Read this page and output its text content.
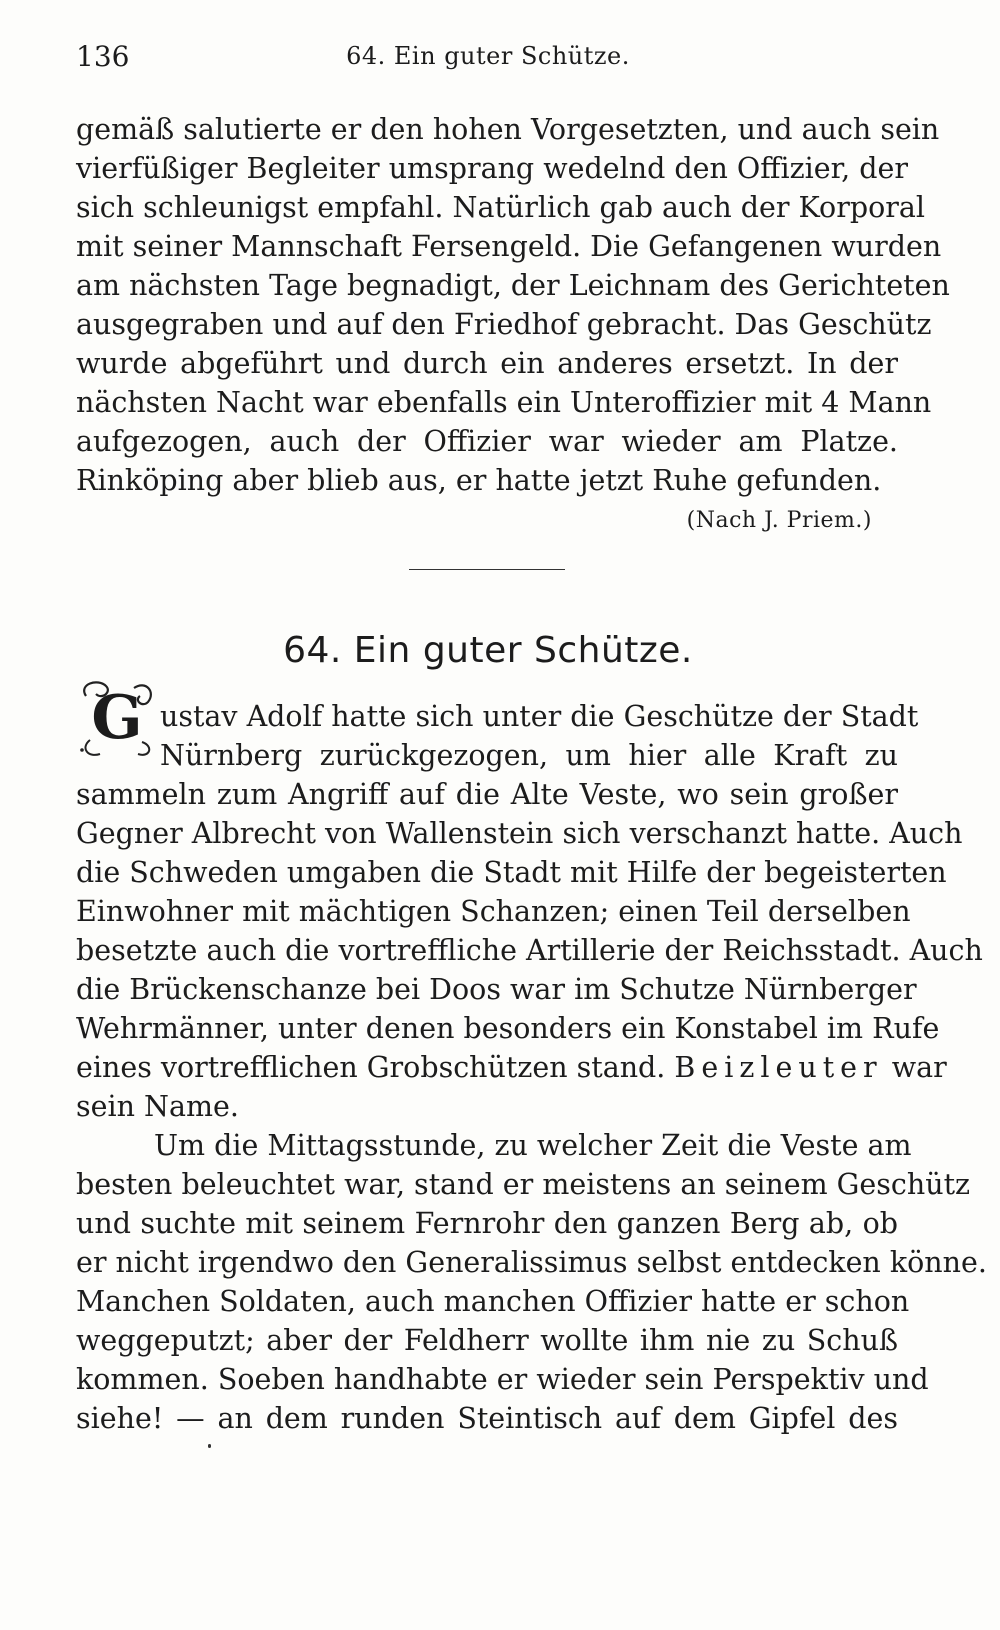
136	64. Ein guter Schütze.
gemäß salutierte er den hohen Vorgesetzten, und auch sein
vierfüßiger Begleiter umsprang wedelnd den Offizier, der
sich schleunigst empfahl. Natürlich gab auch der Korporal
mit seiner Mannschaft Fersengeld. Die Gefangenen wurden
am nächsten Tage begnadigt, der Leichnam des Gerichteten
ausgegraben und auf den Friedhof gebracht. Das Geschütz
wurde abgeführt und durch ein anderes ersetzt. In der
nächsten Nacht war ebenfalls ein Unteroffizier mit 4 Mann
aufgezogen, auch der Offizier war wieder am Platze.
Rinköping aber blieb aus, er hatte jetzt Ruhe gefunden.
(Nach J. Priem.)
64. Ein guter Schütze.
G ustav Adolf hatte sich unter die Geschütze der Stadt
Nürnberg zurückgezogen, um hier alle Kraft zu
sammeln zum Angriff auf die Alte Veste, wo sein großer
Gegner Albrecht von Wallenstein sich verschanzt hatte. Auch
die Schweden umgaben die Stadt mit Hilfe der begeisterten
Einwohner mit mächtigen Schanzen; einen Teil derselben
besetzte auch die vortreffliche Artillerie der Reichsstadt. Auch
die Brückenschanze bei Doos war im Schutze Nürnberger
Wehrmänner, unter denen besonders ein Konstabel im Rufe
eines vortrefflichen Grobschützen stand. Beizleuter war
sein Name.
Um die Mittagsstunde, zu welcher Zeit die Veste am
besten beleuchtet war, stand er meistens an seinem Geschütz
und suchte mit seinem Fernrohr den ganzen Berg ab, ob
er nicht irgendwo den Generalissimus selbst entdecken könne.
Manchen Soldaten, auch manchen Offizier hatte er schon
weggeputzt; aber der Feldherr wollte ihm nie zu Schuß
kommen. Soeben handhabte er wieder sein Perspektiv und
siehe! — an dem runden Steintisch auf dem Gipfel des
